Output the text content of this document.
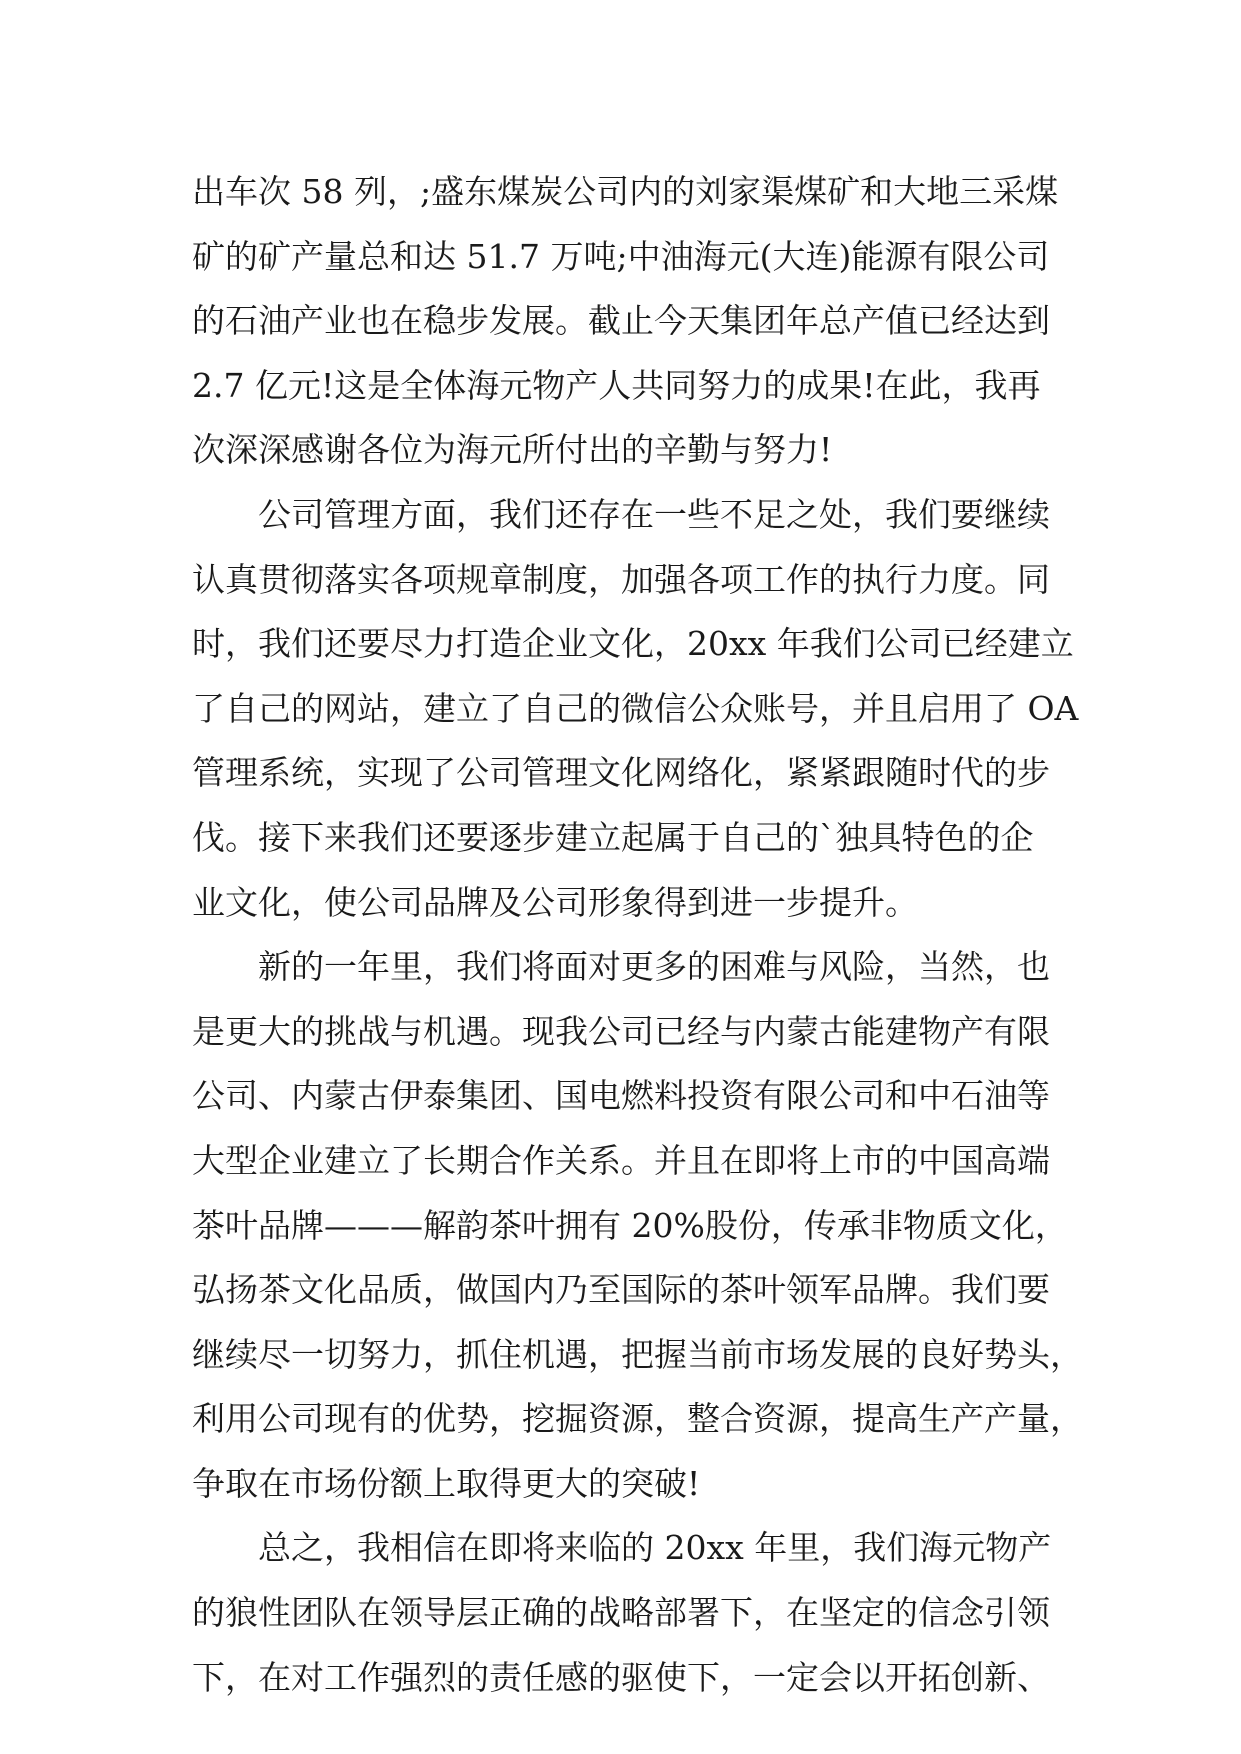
出车次 58 列，;盛东煤炭公司内的刘家渠煤矿和大地三采煤
矿的矿产量总和达 51.7 万吨;中油海元(大连)能源有限公司
的石油产业也在稳步发展。截止今天集团年总产值已经达到
2.7 亿元!这是全体海元物产人共同努力的成果!在此，我再
次深深感谢各位为海元所付出的辛勤与努力!
　　公司管理方面，我们还存在一些不足之处，我们要继续
认真贯彻落实各项规章制度，加强各项工作的执行力度。同
时，我们还要尽力打造企业文化，20xx 年我们公司已经建立
了自己的网站，建立了自己的微信公众账号，并且启用了 OA
管理系统，实现了公司管理文化网络化，紧紧跟随时代的步
伐。接下来我们还要逐步建立起属于自己的`独具特色的企
业文化，使公司品牌及公司形象得到进一步提升。
　　新的一年里，我们将面对更多的困难与风险，当然，也
是更大的挑战与机遇。现我公司已经与内蒙古能建物产有限
公司、内蒙古伊泰集团、国电燃料投资有限公司和中石油等
大型企业建立了长期合作关系。并且在即将上市的中国高端
茶叶品牌———解韵茶叶拥有 20%股份，传承非物质文化，
弘扬茶文化品质，做国内乃至国际的茶叶领军品牌。我们要
继续尽一切努力，抓住机遇，把握当前市场发展的良好势头，
利用公司现有的优势，挖掘资源，整合资源，提高生产产量，
争取在市场份额上取得更大的突破!
　　总之，我相信在即将来临的 20xx 年里，我们海元物产
的狼性团队在领导层正确的战略部署下，在坚定的信念引领
下，在对工作强烈的责任感的驱使下，一定会以开拓创新、
